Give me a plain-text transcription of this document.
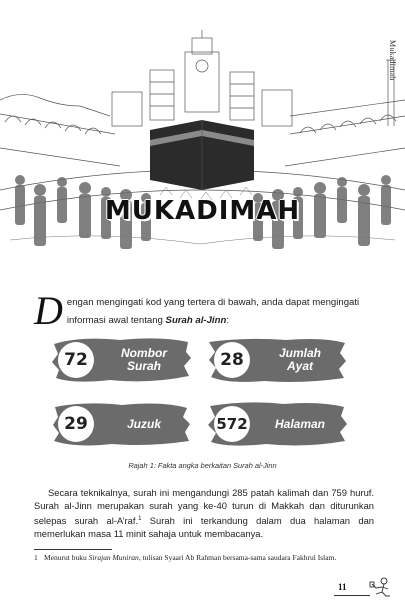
Mukadimah
MUKADIMAH
D engan mengingati kod yang tertera di bawah, anda dapat mengingati informasi awal tentang Surah al-Jinn:
72	Nombor
Surah	28	Jumlah
Ayat
29	Juzuk	572 Halaman
Rajah 1: Fakta angka berkaitan Surah al-Jinn
Secara teknikalnya, surah ini mengandungi 285 patah kalimah dan 759 huruf. Surah al-Jinn merupakan surah yang ke-40 turun di Makkah dan diturunkan selepas surah al-A’raf.$^1$ Surah ini terkandung dalam dua halaman dan memerlukan masa 11 minit sahaja untuk membacanya.
1 Menurut buku Sirajun Muniran, tulisan Syaari Ab Rahman bersama-sama saudara Fakhrul Islam.
11
